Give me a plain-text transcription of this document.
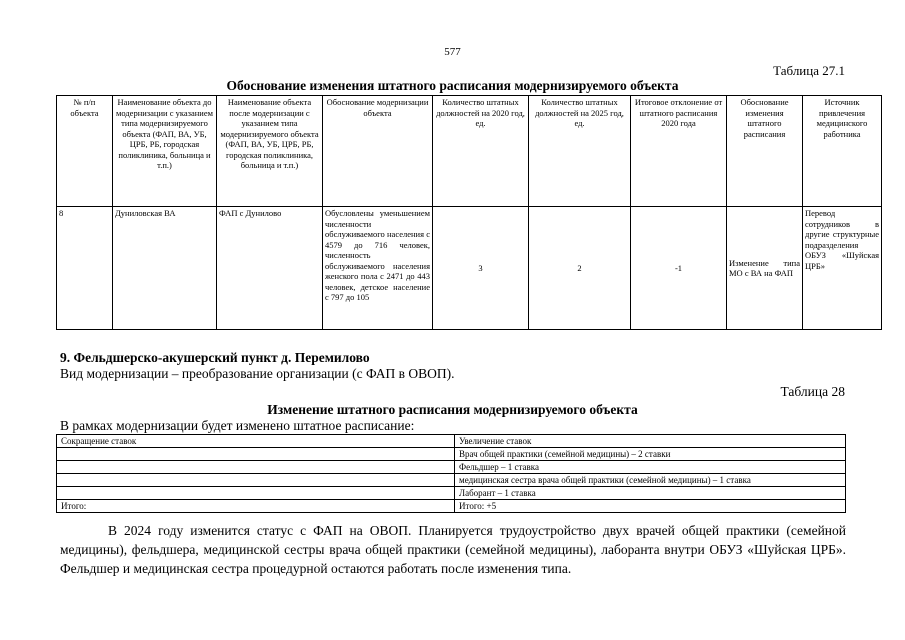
577
Таблица 27.1
Обоснование изменения штатного расписания модернизируемого объекта
№ п/п объекта	Наименование объекта до модернизации с указанием типа модернизируемого объекта (ФАП, ВА, УБ, ЦРБ, РБ, городская поликлиника, больница и т.п.)	Наименование объекта после модернизации с указанием типа модернизируемого объекта (ФАП, ВА, УБ, ЦРБ, РБ, городская поликлиника, больница и т.п.)	Обоснование модернизации объекта	Количество штатных должностей на 2020 год, ед.	Количество штатных должностей на 2025 год, ед.	Итоговое отклонение от штатного расписания 2020 года	Обоснование изменения штатного расписания	Источник привлечения медицинского работника
8	Дуниловская ВА	ФАП с Дунилово	Обусловлены уменьшением численности обслуживаемого населения с 4579 до 716 человек, численность обслуживаемого населения женского пола с 2471 до 443 человек, детское население с 797 до 105	3	2	-1	Изменение типа МО с ВА на ФАП	Перевод сотрудников в другие структурные подразделения ОБУЗ «Шуйская ЦРБ»
9. Фельдшерско-акушерский пункт д. Перемилово
Вид модернизации – преобразование организации (с ФАП в ОВОП).
Таблица 28
Изменение штатного расписания модернизируемого объекта
В рамках модернизации будет изменено штатное расписание:
Сокращение ставок	Увеличение ставок
	Врач общей практики (семейной медицины) – 2 ставки
	Фельдшер – 1 ставка
	медицинская сестра врача общей практики (семейной медицины) – 1 ставка
	Лаборант – 1 ставка
Итого:	Итого: +5
В 2024 году изменится статус с ФАП на ОВОП. Планируется трудоустройство двух врачей общей практики (семейной медицины), фельдшера, медицинской сестры врача общей практики (семейной медицины), лаборанта внутри ОБУЗ «Шуйская ЦРБ». Фельдшер и медицинская сестра процедурной остаются работать после изменения типа.
